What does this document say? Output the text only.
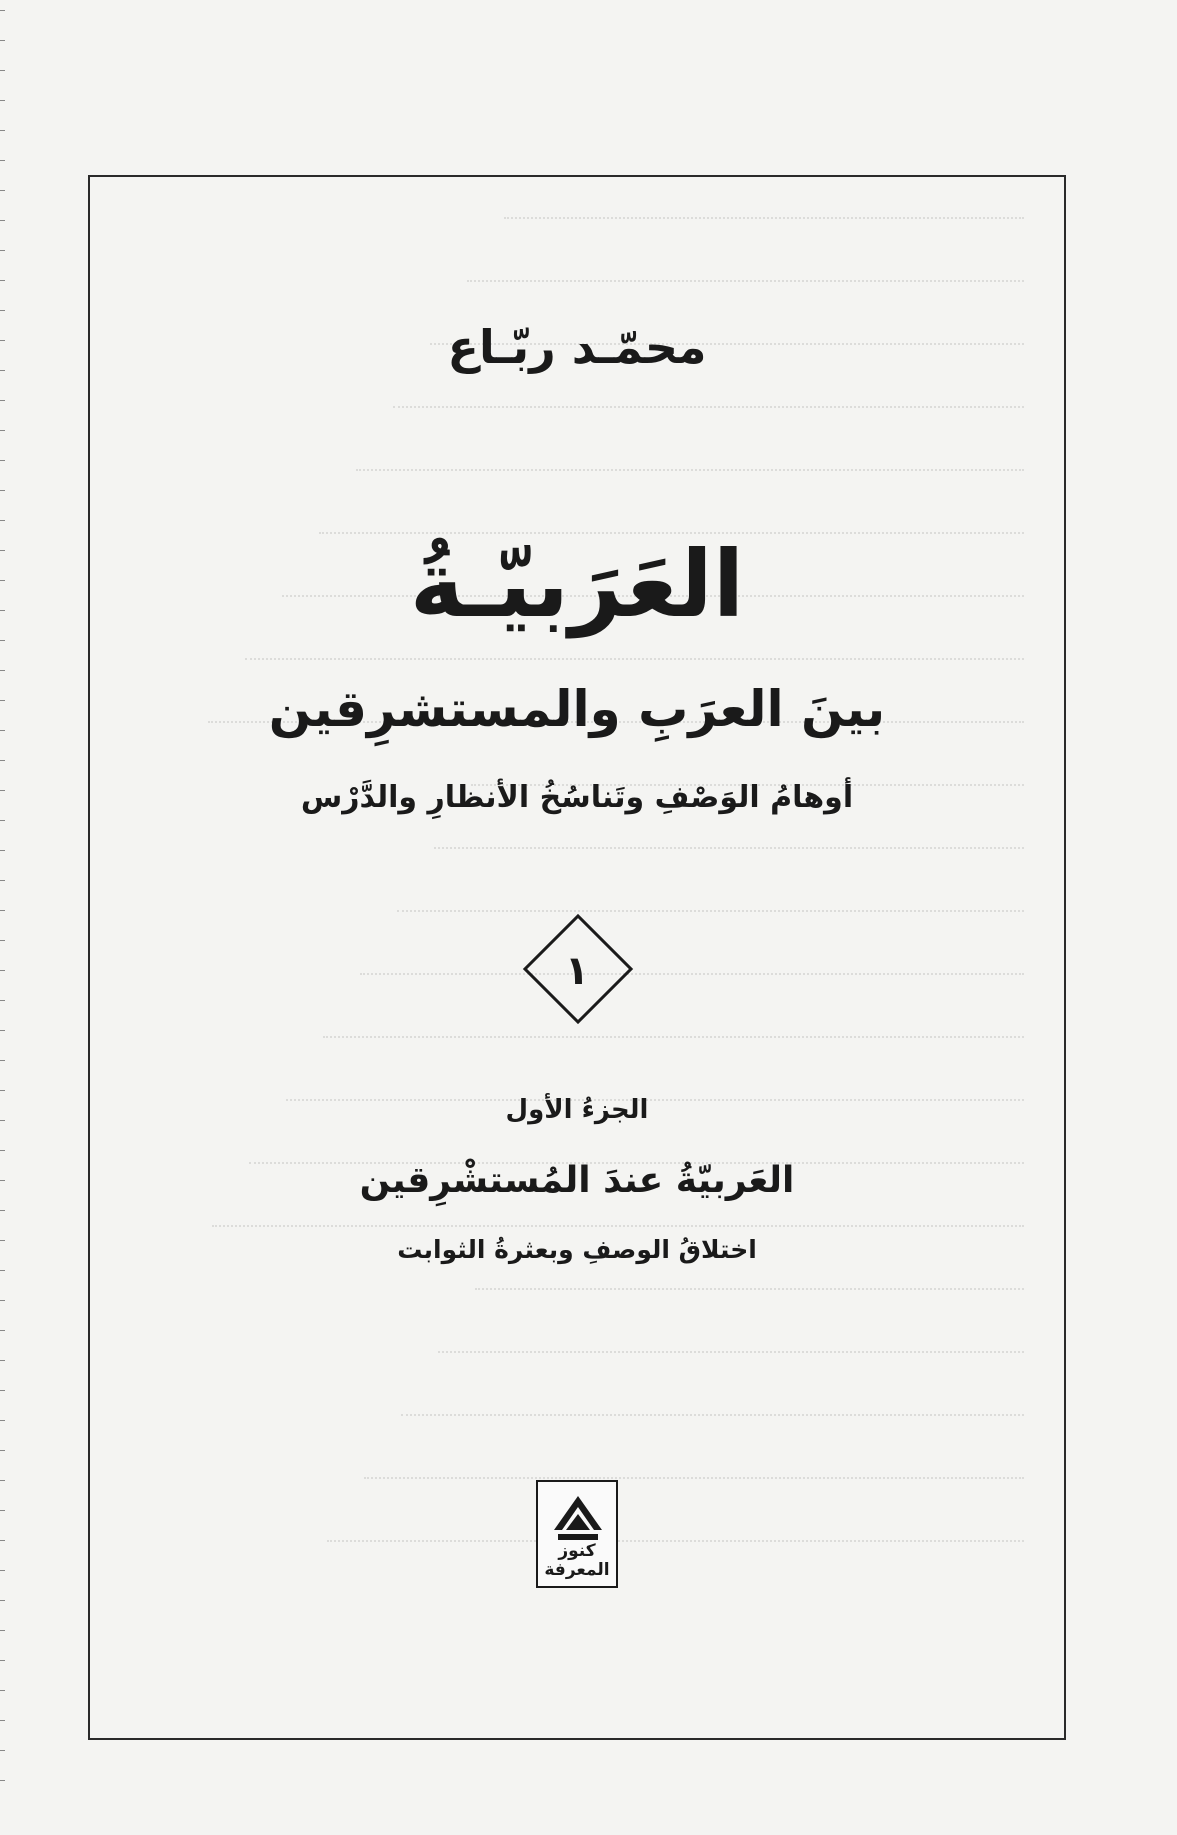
محمّـد ربّـاع
العَرَبيّـةُ
بينَ العرَبِ والمستشرِقين
أوهامُ الوَصْفِ وتَناسُخُ الأنظارِ والدَّرْس
١
الجزءُ الأول
العَربيّةُ عندَ المُستشْرِقين
اختلاقُ الوصفِ وبعثرةُ الثوابت
كنوز
المعرفة
